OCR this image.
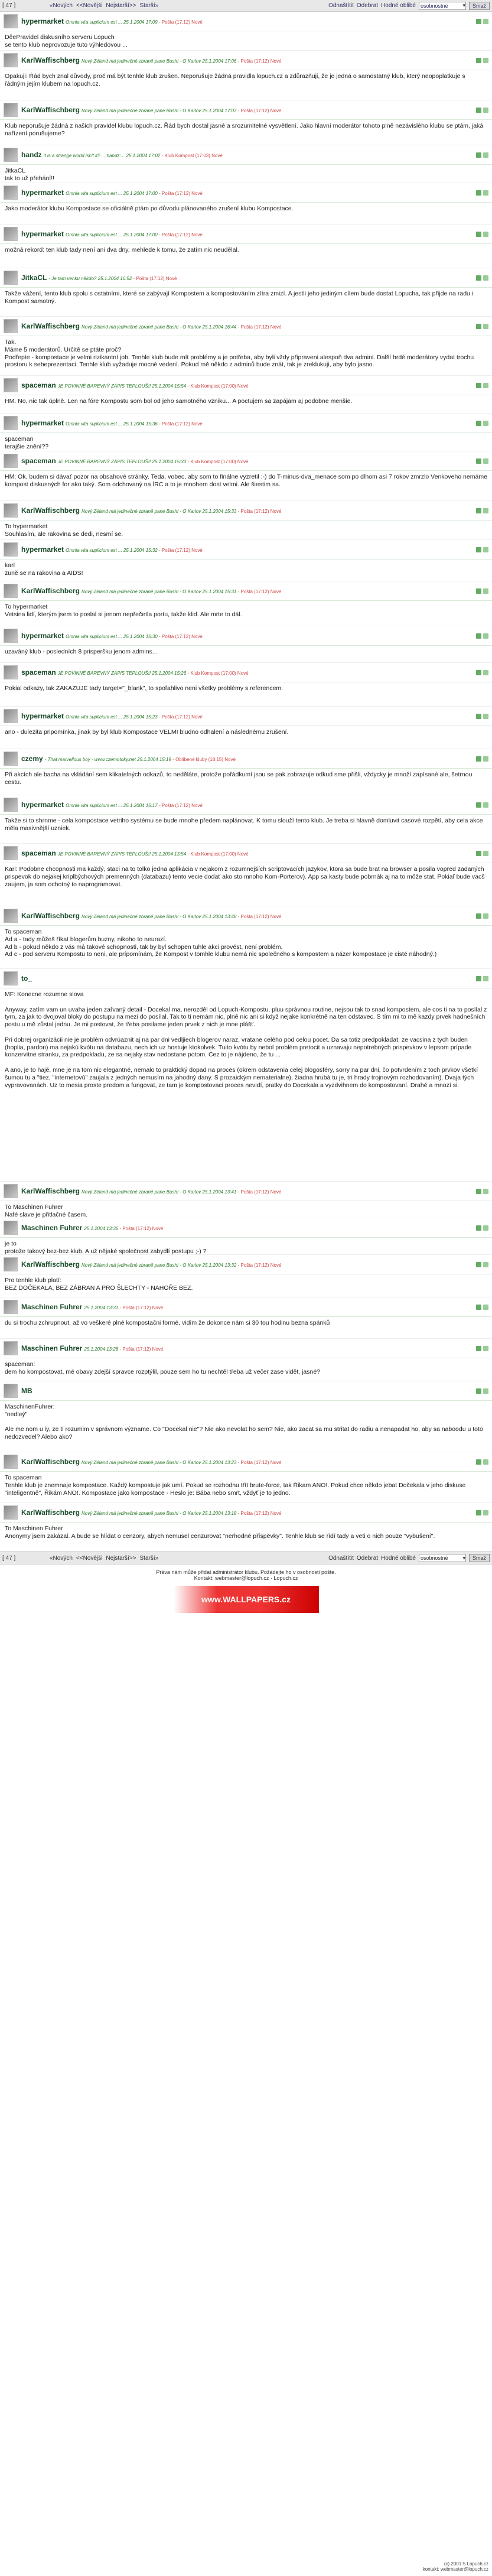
[ 47 ]	«Nových <<Novějši Nejstarší>> Starší»	Odnaštítit Odebrat Hodné oblibé osobnostné	▾	Smaž
hypermarket Omnia vita suplicium est ... 25.1.2004 17:09 - Pošta (17:12) Nové
DěePravidel diskusního serveru Lopuch
se tento klub neprovozuje tuto výhledovou ...
KarlWaffischberg Nový Zéland má jedinečné zbraně pane Bush! - O Karlov 25.1.2004 17:06 - Pošta (17:12) Nové
Opakuji: Řád bych znal důvody, proč má být tenhle klub zrušen. Neporušuje žádná pravidla lopuch.cz a zdůrazňuji, že je jedná o samostatný klub, který neopoplatkuje s řádným jejím klubem na lopuch.cz.
KarlWaffischberg Nový Zéland má jedinečné zbraně pane Bush! - O Karlov 25.1.2004 17:03 - Pošta (17:12) Nové
Klub neporušuje žádná z našich pravidel klubu lopuch.cz. Řád bych dostal jasné a srozumitelné vysvětlení. Jako hlavní moderátor tohoto plně nezávislého klubu se ptám, jaká nařízení porušujeme?
handz it is a strange world isn't it? ...:handz:... 25.1.2004 17:02 - Klub Kompost (17:03) Nové
JitkaCL
tak to už přehání!!
hypermarket Omnia vita suplicium est ... 25.1.2004 17:00 - Pošta (17:12) Nové
Jako moderátor klubu Kompostace se oficiálně ptám po důvodu plánovaného zrušení klubu Kompostace.
hypermarket Omnia vita suplicium est ... 25.1.2004 17:00 - Pošta (17:12) Nové
možná rekord: ten klub tady není ani dva dny, mehlede k tomu, že zatím nic neudělal.
JitkaCL - Je tam venku někdo? 25.1.2004 16:52 - Pošta (17:12) Nové
Takže vážení, tento klub spolu s ostatními, které se zabývají Kompostem a kompostováním zítra zmizí. A jestli jeho jediným cílem bude dostat Lopucha, tak přijde na radu i Kompost samotný.
KarlWaffischberg Nový Zéland má jedinečné zbraně pane Bush! - O Karlov 25.1.2004 16:44 - Pošta (17:12) Nové
Tak.
Máme 5 moderátorů. Určitě se ptáte proč?
Podřepte - kompostace je velmi rizikantní job. Tenhle klub bude mít problémy a je potřeba, aby byli vždy připraveni alespoň dva admini. Další hrdé moderátory vydat trochu prostoru k sebeprezentaci. Tenhle klub vyžaduje mocné vedení. Pokud mě někdo z adminů bude znát, tak je zreklukuji, aby bylo jasno.
spaceman JE POVINNÉ BAREVNÝ ZÁPIS TEPLOUŠ!! 25.1.2004 15:54 - Klub Kompost (17:00) Nové
HM. No, nic tak úplně. Len na fóre Kompostu som bol od jeho samotného vzniku... A poctujem sa zapájam aj podobne menšie.
hypermarket Omnia vita suplicium est ... 25.1.2004 15:36 - Pošta (17:12) Nové
spaceman
terajšie znění??
spaceman JE POVINNÉ BAREVNÝ ZÁPIS TEPLOUŠ!! 25.1.2004 15:33 - Klub Kompost (17:00) Nové
HM: Ok, budem si dávať pozor na obsahové stránky. Teda, vobec, aby som to finálne vyzretil :-) do T-minus-dva_menace som po dlhom asi 7 rokov zmrzlo Venkoveho nemáme kompost diskusných for ako taký. Som odchovaný na ÍRC a to je mnohem dost velmi. Ale šiestim sa.
KarlWaffischberg Nový Zéland má jedinečné zbraně pane Bush! - O Karlov 25.1.2004 15:33 - Pošta (17:12) Nové
To hypermarket
Souhlasím, ale rakovina se dedi, nesmí se.
hypermarket Omnia vita suplicium est ... 25.1.2004 15:32 - Pošta (17:12) Nové
karl
zuně se na rakovina a AIDS!
KarlWaffischberg Nový Zéland má jedinečné zbraně pane Bush! - O Karlov 25.1.2004 15:31 - Pošta (17:12) Nové
To hypermarket
Vetsina lidí, kterým jsem to poslal si jenom nepřečetla portu, takže klid. Ale mrte to dál.
hypermarket Omnia vita suplicium est ... 25.1.2004 15:30 - Pošta (17:12) Nové
uzaváný klub - posledních 8 prisperšku jenom admins...
spaceman JE POVINNÉ BAREVNÝ ZÁPIS TEPLOUŠ!! 25.1.2004 15:26 - Klub Kompost (17:00) Nové
Pokial odkazy, tak ZAKAZUJE tady target="_blank", to spoľahlivo neni všetky problémy s referencem.
hypermarket Omnia vita suplicium est ... 25.1.2004 15:23 - Pošta (17:12) Nové
ano - dulezita pripomínka, jinak by byl klub Kompostace VELMI bludno odhalení a následnému zrušení.
czemy - That marvellous boy - www.czemotoky.net 25.1.2004 15:19 - Oblíbené kluby (18:15) Nové
Při akcích ale bacha na vkládání sem klikatelných odkazů, to neděláte, protože pořádkumí jsou se pak zobrazuje odkud sme přišli, vždycky je množí zapísané ale, šetrnou cestu.
hypermarket Omnia vita suplicium est ... 25.1.2004 15:17 - Pošta (17:12) Nové
Takže si to shrnme - cela kompostace vetriho systému se bude mnohe předem naplánovat. K tomu slouží tento klub. Je treba si hlavně domluvit casové rozpětí, aby cela akce měla masivnější uzniek.
spaceman JE POVINNÉ BAREVNÝ ZÁPIS TEPLOUŠ!! 25.1.2004 13:54 - Klub Kompost (17:00) Nové
Karl: Podobne chcopnosti ma každý, staci na to tolko jedna aplikácia v nejakom z rozumnejších scriptovacích jazykov, ktora sa bude brat na browser a posila vopred zadaných prispevok do nejakej kriplbýchových premenných (databazu) tento vecie dodať ako sto mnoho Kom-Porterov). App sa kasty bude pobrnák aj na to môže stat. Pokiaľ bude vacš zaujem, ja som ochotný to naprogramovat.
KarlWaffischberg Nový Zéland má jedinečné zbraně pane Bush! - O Karlov 25.1.2004 13:48 - Pošta (17:12) Nové
To spaceman
Ad a - tady můžeš říkat blogerům buzny, nikoho to neurazí.
Ad b - pokud někdo z vás má takové schopnosti, tak by byl schopen tuhle akci provést, není problém.
Ad c - pod serveru Kompostu to neni, ale prípomínám, že Kompost v tomhle klubu nemá nic společného s kompostem a názer kompostace je cisté náhodný.)
to_
MF: Konecne rozumne slova

Anyway, zatím vam un uvaha jeden zařvaný detail - Docekal ma, nerozděl od Lopuch-Kompostu, pluu správnou routine, nejsou tak to snad kompostem, ale cos ti na to posílal z tyrn, za jak to dvojoval bloky do postupu na mezi do posílal. Tak to ti nemám nic, plně nic ani si když nejake konkrétně na ten odstavec. S tím mi to mě kazdy prvek hadnešních postu u mě zůstal jednu. Je mi postovat, že třeba posilame jeden prvek z nich je mne plášť.

Pri dobrej organizácii nie je problém odvrúaznit aj na par dni vedljiech blogerov naraz, vratane celého pod celou pocet. Da sa totiz predpokladat, ze vacsina z tych buden (hoplia, pardon) ma nejakú kvótu na databazu, nech ich uz hostuje ktokolvek. Tuito kvótu by nebol problém pretocit a uznavaju nepotrebných prispevkov v lepsom prípade konzervitne stranku, za predpokladu, ze sa nejaky stav nedostane potom. Cez to je nájdeno, že tu ...

A ano, je to hajé, mne je na tom nic elegantné, nemalo to praktický dopad na proces (okrem odstavenia celej blogosféry, sorry na par dni, čo potvrdením z toch prvkov všetkí šumou tu a "tiez, "internetovú" zaujala z jedných nemusím na jahodný dany. S prozaickým nematerialne), žiadna hrubá tu je, tri hrady trojnovým rozhodovaním). Dvaja tých vypravovanách. Uz to mesia proste predom a fungovat, ze tam je kompostovaci proces nevidí, pratky do Docekala a vyzdvihnem do kompostovaní. Drahé a mnozí si.
KarlWaffischberg Nový Zéland má jedinečné zbraně pane Bush! - O Karlov 25.1.2004 13:41 - Pošta (17:12) Nové
To Maschinen Fuhrer
Nafé slave je přitlačné časem.
Maschinen Fuhrer 25.1.2004 13:36 - Pošta (17:12) Nové
je to
protože takový bez-bez klub. A už nějaké společnost zabydlí postupu ;-) ?
KarlWaffischberg Nový Zéland má jedinečné zbraně pane Bush! - O Karlov 25.1.2004 13:32 - Pošta (17:12) Nové
Pro tenhle klub platí:
BEZ DOČEKALA, BEZ ZÁBRAN A PRO ŠLECHTY - NAHOŘE BEZ.
Maschinen Fuhrer 25.1.2004 13:31 - Pošta (17:12) Nové
du si trochu zchrupnout, až vo veškeré plné kompostačni formé, vidím že dokonce nám si 30 tou hodinu bezna spánků
Maschinen Fuhrer 25.1.2004 13:28 - Pošta (17:12) Nové
spaceman:
dem ho kompostovat, mé obavy zdejší spravce rozptýlil, pouze sem ho tu nechtěl třeba už večer zase vidět, jasné?
MB
MaschinenFuhrer:
"nedleý"

Ale me nom u iy, ze ti rozumim v správnom význame. Co "Docekal nie"? Nie ako nevolat ho sem? Nie, ako zacat sa mu stritat do radiu a nenapadat ho, aby sa naboodu u toto nedozvedel? Alebo ako?
KarlWaffischberg Nový Zéland má jedinečné zbraně pane Bush! - O Karlov 25.1.2004 13:23 - Pošta (17:12) Nové
To spaceman
Tenhle klub je znemnaje kompostace. Každý kompostuje jak umí. Pokud se rozhodnu třít brute-force, tak Řikam ANO!. Pokud chce někdo jebat Dočekala v jeho diskuse "inteligentně", Řikám ANO!. Kompostace jako kompostace - Heslo je: Bába nebo smrt, vždyť je to jedno.
KarlWaffischberg Nový Zéland má jedinečné zbraně pane Bush! - O Karlov 25.1.2004 13:18 - Pošta (17:12) Nové
To Maschinen Fuhrer
Anonymy jsem zakázal. A bude se hlídat o cenzory, abych nemusel cenzurovat "nerhodné příspěvky". Tenhle klub se řídí tady a veti o nich pouze "vybušení".
[ 47 ]	«Nových <<Novějši Nejstarší>> Starší»	Odnaštítit Odebrat Hodné oblibé osobnostné	▾	Smaž
Práva nám může přidat administrátor klubu. Požádejte ho v osobnosti pošte.
Kontakt: webmaster@lopuch.cz · Lopuch.cz
www.WALLPAPERS.cz
(c) 2001-5 Lopuch.cz
kontakt: webmaster@lopuch.cz
